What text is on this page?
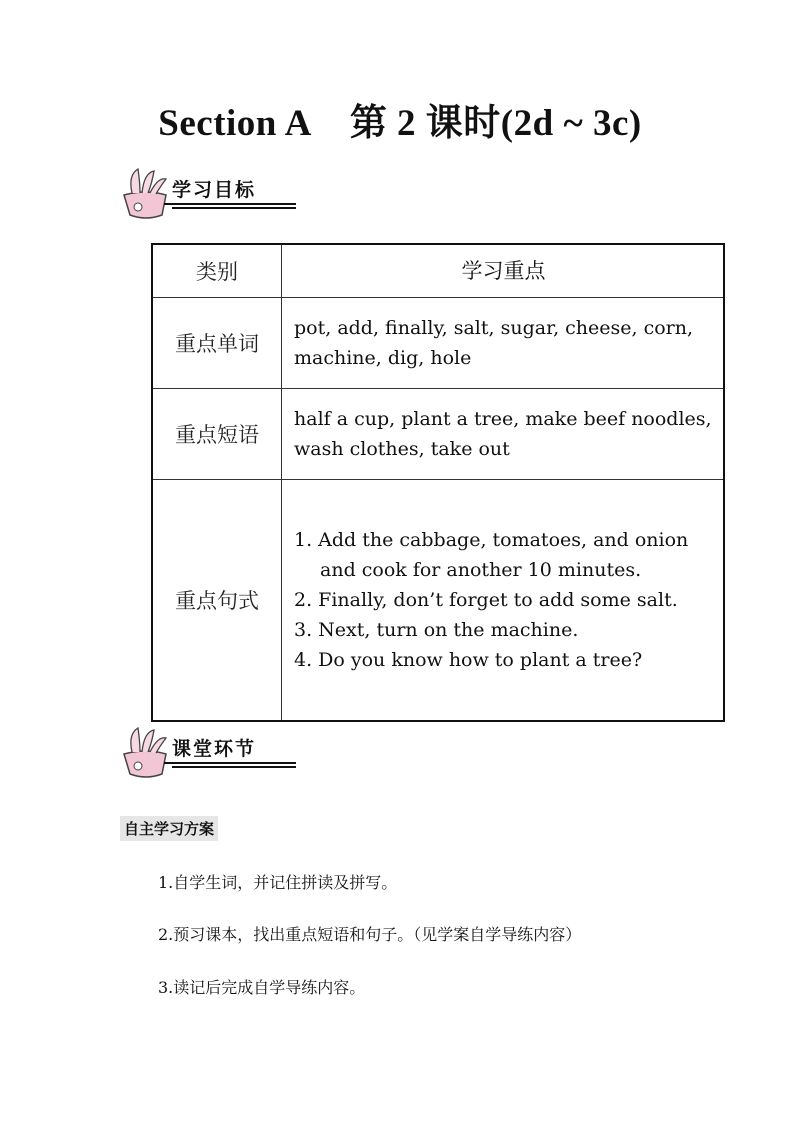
Section A 第 2 课时(2d ~ 3c)
学习目标
类别	学习重点
重点单词	pot, add, finally, salt, sugar, cheese, corn, machine, dig, hole
重点短语	half a cup, plant a tree, make beef noodles, wash clothes, take out
重点句式	1. Add the cabbage, tomatoes, and onion and cook for another 10 minutes.
2. Finally, don’t forget to add some salt.
3. Next, turn on the machine.
4. Do you know how to plant a tree?
课堂环节
自主学习方案
1.自学生词，并记住拼读及拼写。
2.预习课本，找出重点短语和句子。（见学案自学导练内容）
3.读记后完成自学导练内容。
